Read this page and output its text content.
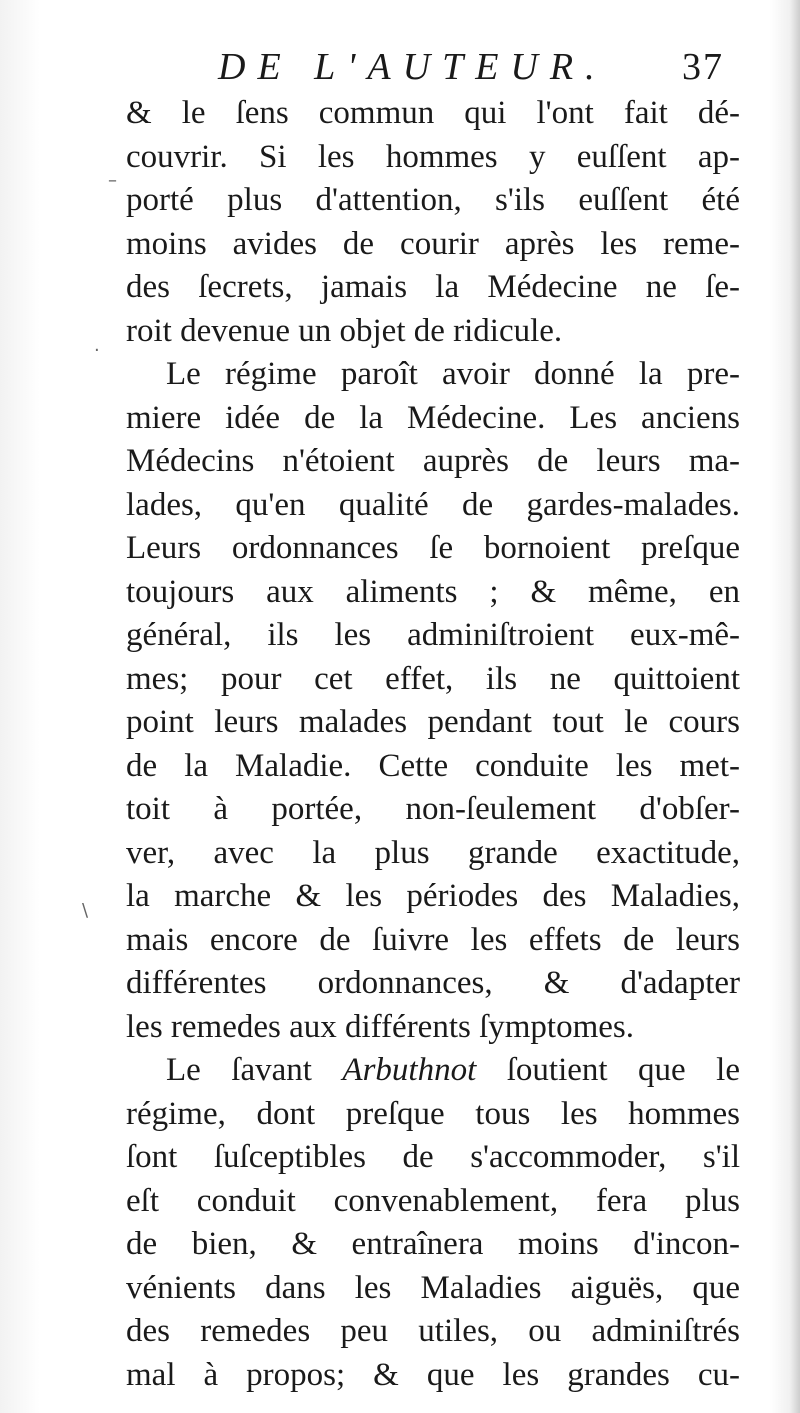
DE L'AUTEUR. 37
& le ſens commun qui l'ont fait dé-
couvrir. Si les hommes y euſſent ap-
porté plus d'attention, s'ils euſſent été
moins avides de courir après les reme-
des ſecrets, jamais la Médecine ne ſe-
roit devenue un objet de ridicule.
Le régime paroît avoir donné la pre-
miere idée de la Médecine. Les anciens
Médecins n'étoient auprès de leurs ma-
lades, qu'en qualité de gardes-malades.
Leurs ordonnances ſe bornoient preſque
toujours aux aliments ; & même, en
général, ils les adminiſtroient eux-mê-
mes; pour cet effet, ils ne quittoient
point leurs malades pendant tout le cours
de la Maladie. Cette conduite les met-
toit à portée, non-ſeulement d'obſer-
ver, avec la plus grande exactitude,
la marche & les périodes des Maladies,
mais encore de ſuivre les effets de leurs
différentes ordonnances, & d'adapter
les remedes aux différents ſymptomes.
Le ſavant Arbuthnot ſoutient que le
régime, dont preſque tous les hommes
ſont ſuſceptibles de s'accommoder, s'il
eſt conduit convenablement, fera plus
de bien, & entraînera moins d'incon-
vénients dans les Maladies aiguës, que
des remedes peu utiles, ou adminiſtrés
mal à propos; & que les grandes cu-
–
·
\
